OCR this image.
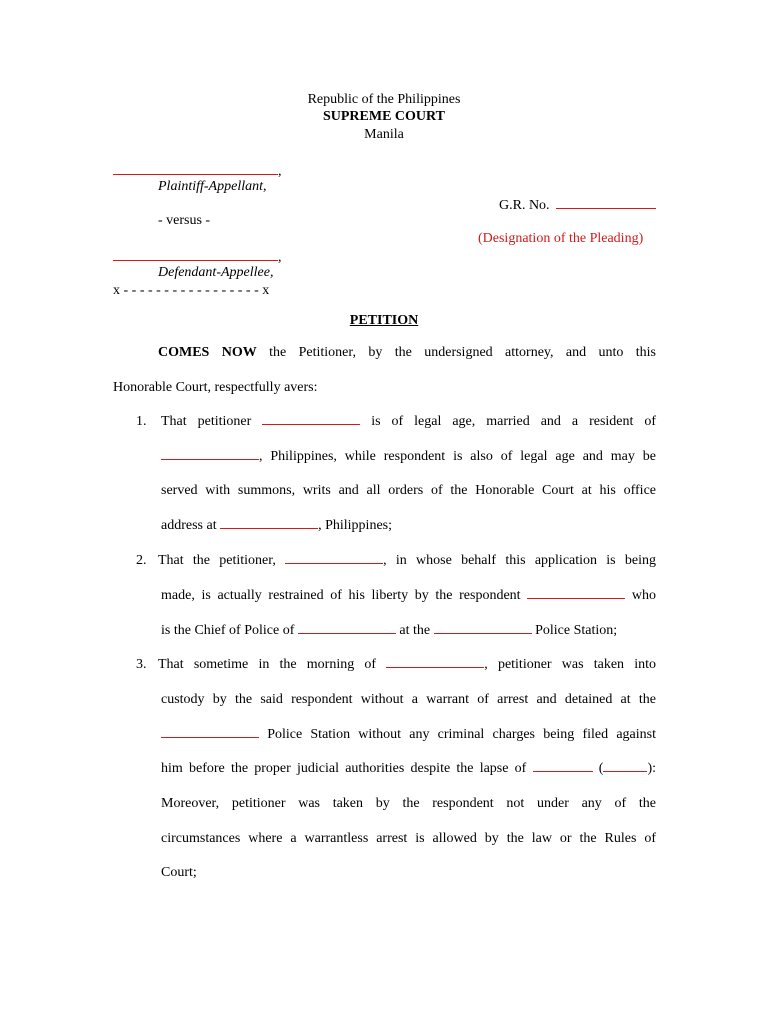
Republic of the Philippines
SUPREME COURT
Manila
,
Plaintiff-Appellant,
- versus -
,
Defendant-Appellee,
x - - - - - - - - - - - - - - - - - x
G.R. No.
(Designation of the Pleading)
PETITION
COMES NOW the Petitioner, by the undersigned attorney, and unto this
Honorable Court, respectfully avers:
1. That petitioner	is of legal age, married and a resident of
, Philippines, while respondent is also of legal age and may be
served with summons, writs and all orders of the Honorable Court at his office
address at	, Philippines;
2. That the petitioner,	, in whose behalf this application is being
made, is actually restrained of his liberty by the respondent	who
is the Chief of Police of	at the	Police Station;
3. That sometime in the morning of	, petitioner was taken into
custody by the said respondent without a warrant of arrest and detained at the
Police Station without any criminal charges being filed against
him before the proper judicial authorities despite the lapse of	(	):
Moreover, petitioner was taken by the respondent not under any of the
circumstances where a warrantless arrest is allowed by the law or the Rules of
Court;
